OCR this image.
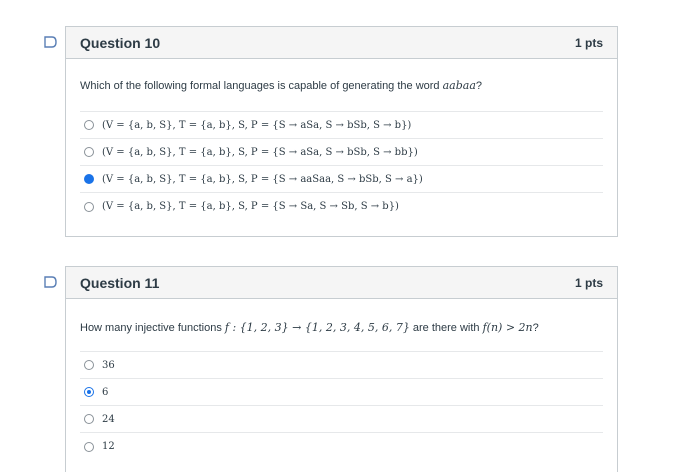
Question 10	1 pts
Which of the following formal languages is capable of generating the word aabaa?
(V = {a, b, S}, T = {a, b}, S, P = {S → aSa, S → bSb, S → b})
(V = {a, b, S}, T = {a, b}, S, P = {S → aSa, S → bSb, S → bb})
(V = {a, b, S}, T = {a, b}, S, P = {S → aaSaa, S → bSb, S → a})
(V = {a, b, S}, T = {a, b}, S, P = {S → Sa, S → Sb, S → b})
Question 11	1 pts
How many injective functions f : {1, 2, 3} → {1, 2, 3, 4, 5, 6, 7} are there with f(n) > 2n?
36
6
24
12
